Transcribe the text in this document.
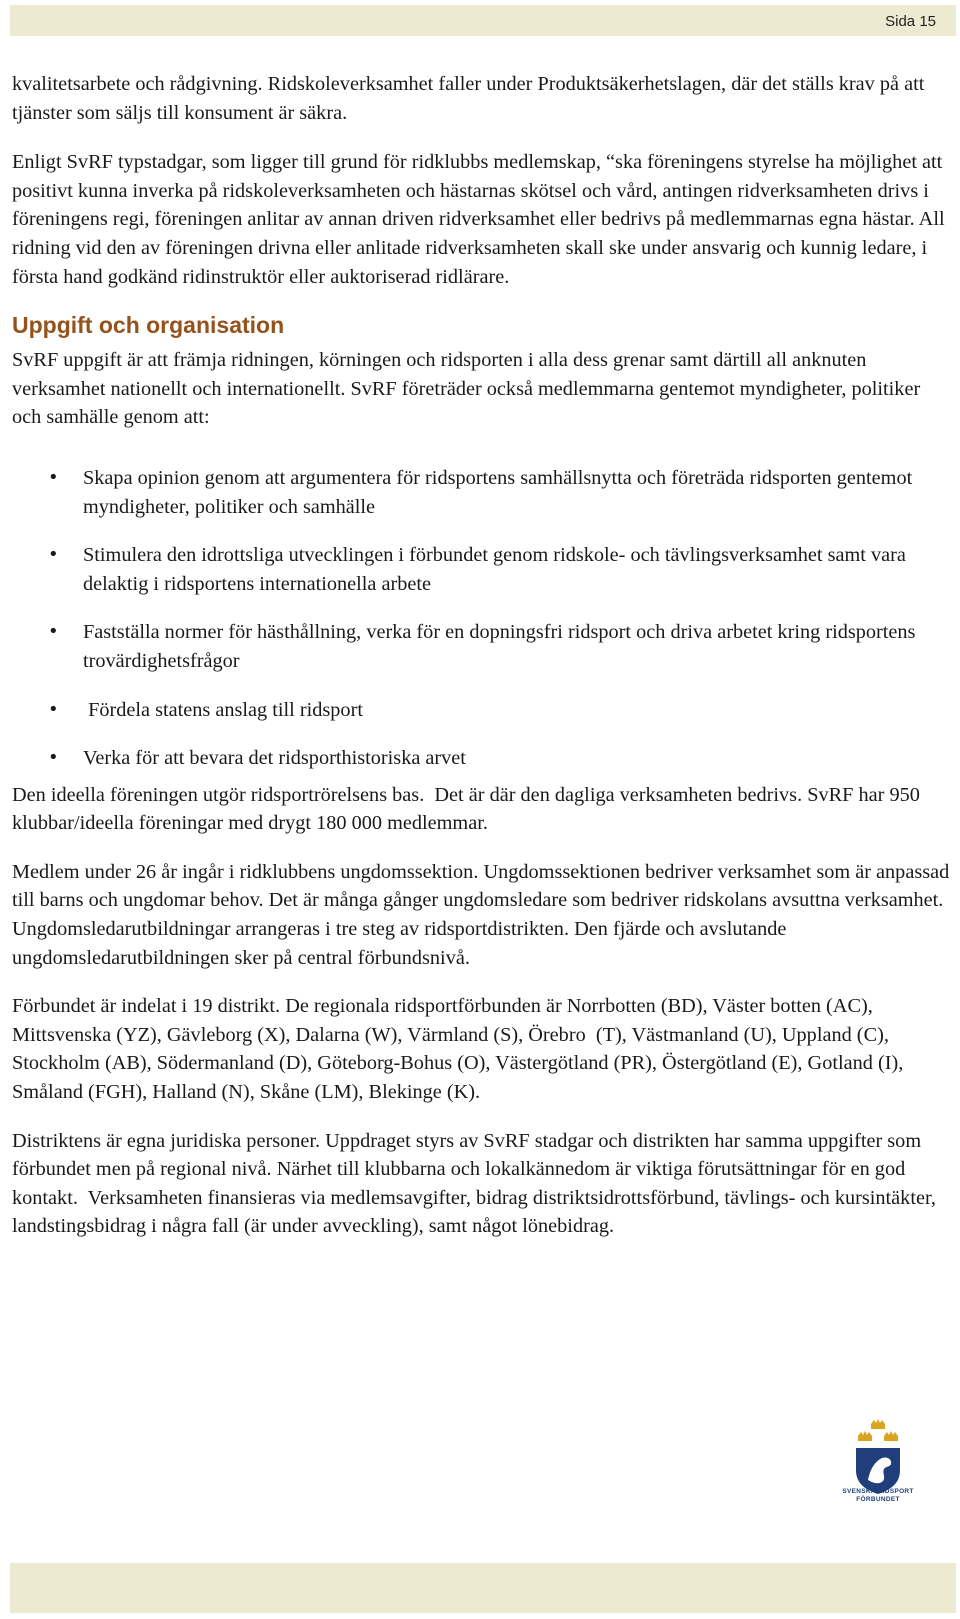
Sida 15

kvalitetsarbete och rådgivning. Ridskoleverksamhet faller under Produktsäkerhetslagen, där det ställs krav på att tjänster som säljs till konsument är säkra.

Enligt SvRF typstadgar, som ligger till grund för ridklubbs medlemskap, “ska föreningens styrelse ha möjlighet att positivt kunna inverka på ridskoleverksamheten och hästarnas skötsel och vård, antingen ridverksamheten drivs i föreningens regi, föreningen anlitar av annan driven ridverksamhet eller bedrivs på medlemmarnas egna hästar. All ridning vid den av föreningen drivna eller anlitade ridverksamheten skall ske under ansvarig och kunnig ledare, i första hand godkänd ridinstruktör eller auktoriserad ridlärare.

Uppgift och organisation

SvRF uppgift är att främja ridningen, körningen och ridsporten i alla dess grenar samt därtill all anknuten verksamhet nationellt och internationellt. SvRF företräder också medlemmarna gentemot myndigheter, politiker och samhälle genom att:

• Skapa opinion genom att argumentera för ridsportens samhällsnytta och företräda ridsporten gentemot myndigheter, politiker och samhälle
• Stimulera den idrottsliga utvecklingen i förbundet genom ridskole- och tävlingsverksamhet samt vara delaktig i ridsportens internationella arbete
• Fastställa normer för hästhållning, verka för en dopningsfri ridsport och driva arbetet kring ridsportens trovärdighetsfrågor
•  Fördela statens anslag till ridsport
• Verka för att bevara det ridsporthistoriska arvet

Den ideella föreningen utgör ridsportrörelsens bas.  Det är där den dagliga verksamheten bedrivs. SvRF har 950 klubbar/ideella föreningar med drygt 180 000 medlemmar.

Medlem under 26 år ingår i ridklubbens ungdomssektion. Ungdomssektionen bedriver verksamhet som är anpassad till barns och ungdomar behov. Det är många gånger ungdomsledare som bedriver ridskolans avsuttna verksamhet. Ungdomsledarutbildningar arrangeras i tre steg av ridsportdistrikten. Den fjärde och avslutande ungdomsledarutbildningen sker på central förbundsnivå.

Förbundet är indelat i 19 distrikt. De regionala ridsportförbunden är Norrbotten (BD), Väster botten (AC), Mittsvenska (YZ), Gävleborg (X), Dalarna (W), Värmland (S), Örebro  (T), Västmanland (U), Uppland (C), Stockholm (AB), Södermanland (D), Göteborg-Bohus (O), Västergötland (PR), Östergötland (E), Gotland (I), Småland (FGH), Halland (N), Skåne (LM), Blekinge (K).

Distriktens är egna juridiska personer. Uppdraget styrs av SvRF stadgar och distrikten har samma uppgifter som förbundet men på regional nivå. Närhet till klubbarna och lokalkännedom är viktiga förutsättningar för en god kontakt.  Verksamheten finansieras via medlemsavgifter, bidrag distriktsidrottsförbund, tävlings- och kursintäkter, landstingsbidrag i några fall (är under avveckling), samt något lönebidrag.

SVENSKA RIDSPORT
FÖRBUNDET
